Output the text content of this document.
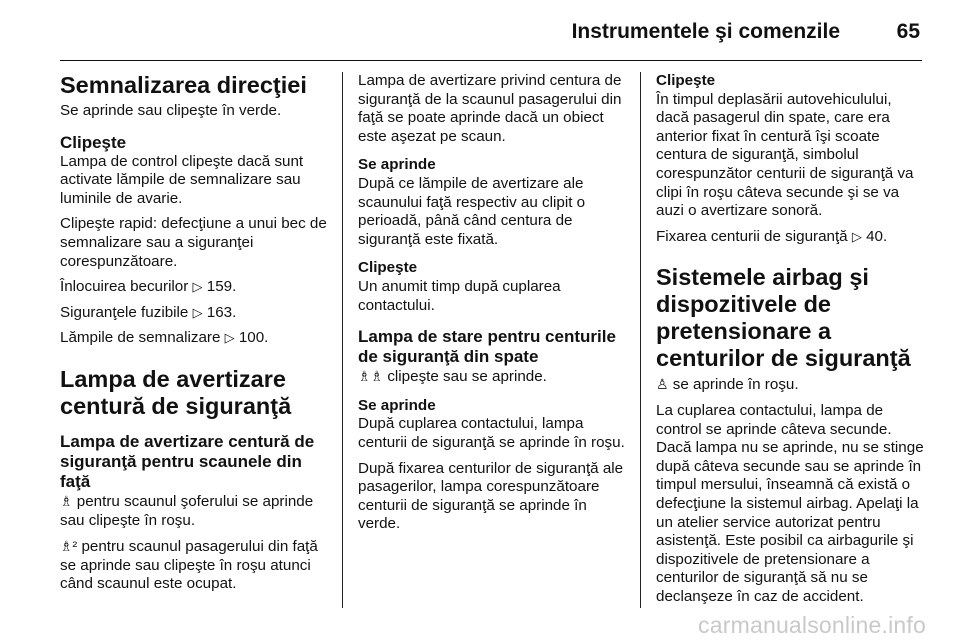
Instrumentele şi comenzile	65
Semnalizarea direcţiei

Se aprinde sau clipeşte în verde.

Clipeşte

Lampa de control clipeşte dacă sunt activate lămpile de semnalizare sau luminile de avarie.

Clipeşte rapid: defecţiune a unui bec de semnalizare sau a siguranţei corespunzătoare.

Înlocuirea becurilor ▷ 159.

Siguranţele fuzibile ▷ 163.

Lămpile de semnalizare ▷ 100.

Lampa de avertizare centură de siguranţă
Lampa de avertizare centură de siguranţă pentru scaunele din faţă

♗ pentru scaunul şoferului se aprinde sau clipeşte în roşu.

♗² pentru scaunul pasagerului din faţă se aprinde sau clipeşte în roşu atunci când scaunul este ocupat.

Lampa de avertizare privind centura de siguranţă de la scaunul pasagerului din faţă se poate aprinde dacă un obiect este aşezat pe scaun.

Se aprinde

După ce lămpile de avertizare ale scaunului faţă respectiv au clipit o perioadă, până când centura de siguranţă este fixată.

Clipeşte

Un anumit timp după cuplarea contactului.

Lampa de stare pentru centurile de siguranţă din spate

♗♗ clipeşte sau se aprinde.

Se aprinde

După cuplarea contactului, lampa centurii de siguranţă se aprinde în roşu.

După fixarea centurilor de siguranţă ale pasagerilor, lampa corespunzătoare centurii de siguranţă se aprinde în verde.

Clipeşte

În timpul deplasării autovehiculului, dacă pasagerul din spate, care era anterior fixat în centură îşi scoate centura de siguranţă, simbolul corespunzător centurii de siguranţă va clipi în roşu câteva secunde şi se va auzi o avertizare sonoră.

Fixarea centurii de siguranţă ▷ 40.

Sistemele airbag şi dispozitivele de pretensionare a centurilor de siguranţă

♙ se aprinde în roşu.

La cuplarea contactului, lampa de control se aprinde câteva secunde. Dacă lampa nu se aprinde, nu se stinge după câteva secunde sau se aprinde în timpul mersului, înseamnă că există o defecţiune la sistemul airbag. Apelaţi la un atelier service autorizat pentru asistenţă. Este posibil ca airbagurile şi dispozitivele de pretensionare a centurilor de siguranţă să nu se declanşeze în caz de accident.

carmanualsonline.info
